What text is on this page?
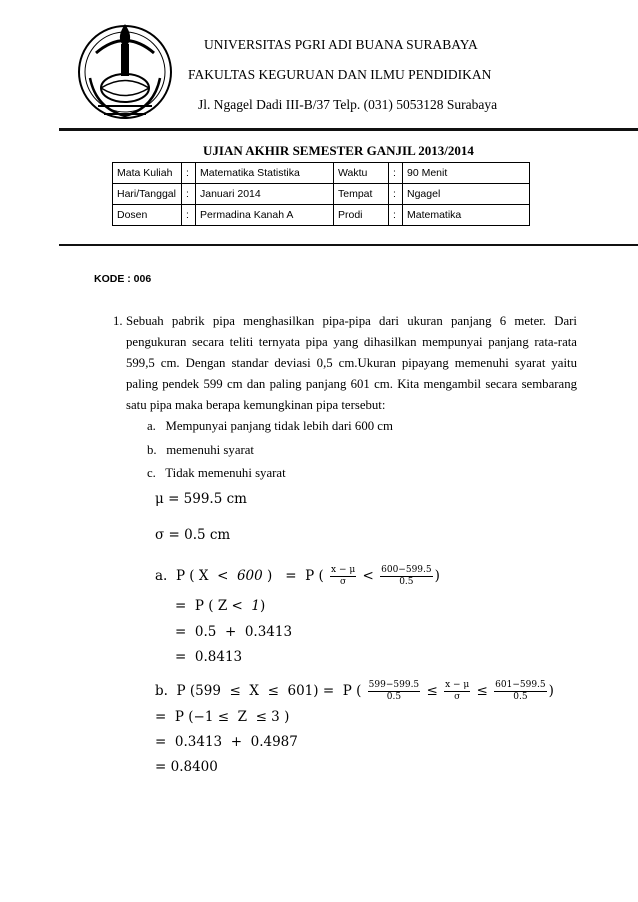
UNIVERSITAS PGRI ADI BUANA SURABAYA
FAKULTAS KEGURUAN DAN ILMU PENDIDIKAN
Jl. Ngagel Dadi III-B/37 Telp. (031) 5053128 Surabaya
UJIAN AKHIR SEMESTER GANJIL 2013/2014
Mata Kuliah	:	Matematika Statistika	Waktu	:	90 Menit
Hari/Tanggal	:	Januari 2014	Tempat	:	Ngagel
Dosen	:	Permadina Kanah A	Prodi	:	Matematika
KODE : 006
1. Sebuah pabrik pipa menghasilkan pipa-pipa dari ukuran panjang 6 meter. Dari pengukuran secara teliti ternyata pipa yang dihasilkan mempunyai panjang rata-rata 599,5 cm. Dengan standar deviasi 0,5 cm.Ukuran pipayang memenuhi syarat yaitu paling pendek 599 cm dan paling panjang 601 cm. Kita mengambil secara sembarang satu pipa maka berapa kemungkinan pipa tersebut:
a. Mempunyai panjang tidak lebih dari 600 cm
b. memenuhi syarat
c. Tidak memenuhi syarat
μ = 599.5 cm
σ = 0.5 cm
a. P ( X  <  600 ) =  P ( $\frac{x - \mu}{\sigma} < \frac{600-599.5}{0.5}$ )
=  P ( Z <  1)
=  0.5  +  0.3413
=  0.8413
b. P (599  ≤  X  ≤  601) =  P ( $\frac{599-599.5}{0.5} \le \frac{x - \mu}{\sigma} \le \frac{601-599.5}{0.5}$ )
=  P (−1 ≤  Z  ≤ 3 )
=  0.3413  +  0.4987
= 0.8400
